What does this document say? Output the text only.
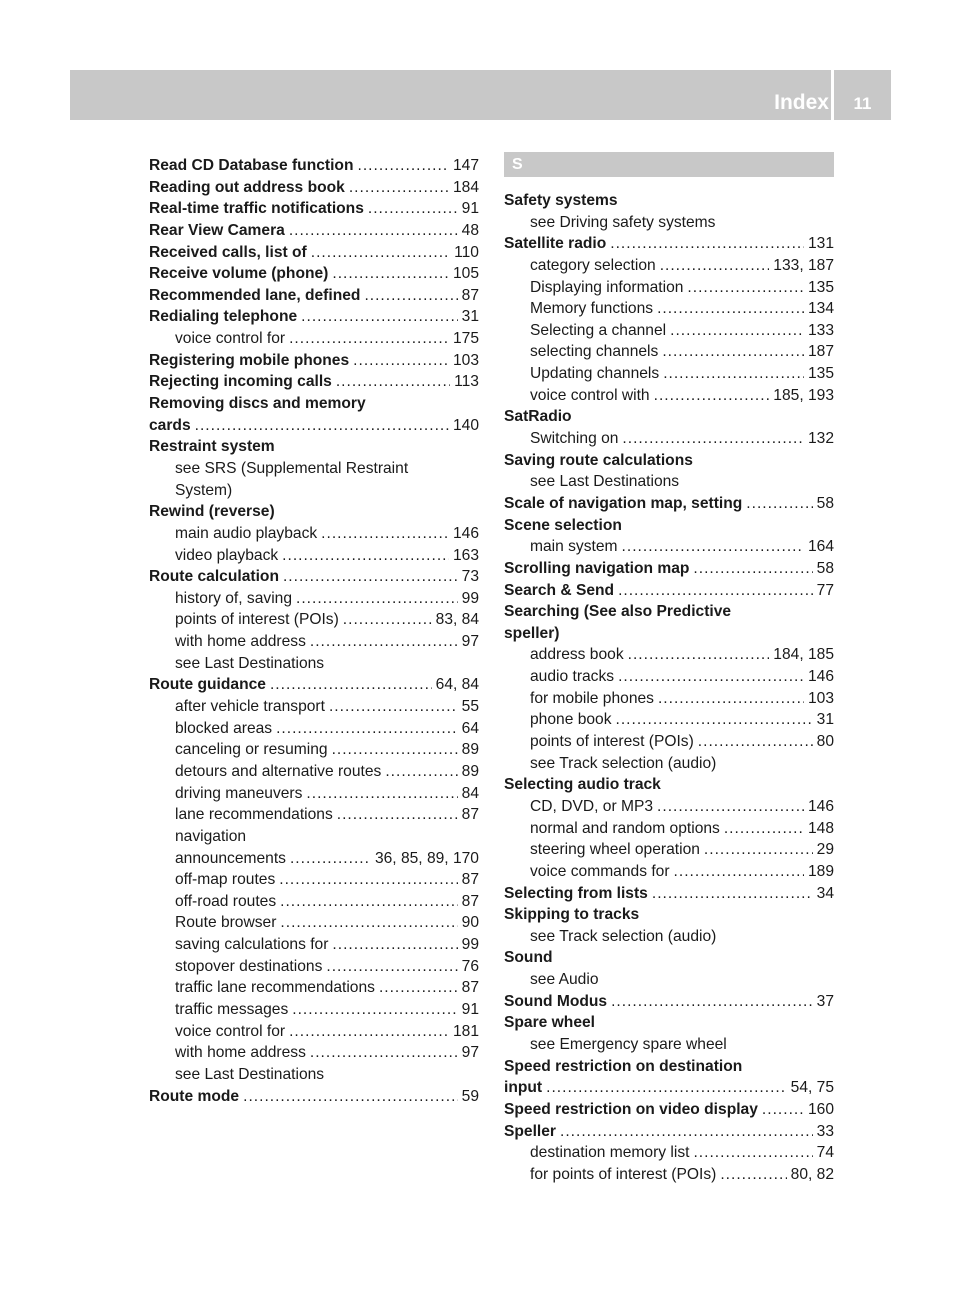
Index	11
Read CD Database function .....	147
Reading out address book .....	184
Real-time traffic notifications .....	91
Rear View Camera .....	48
Received calls, list of .....	110
Receive volume (phone) .....	105
Recommended lane, defined .....	87
Redialing telephone .....	31
voice control for .....	175
Registering mobile phones .....	103
Rejecting incoming calls .....	113
Removing discs and memory
cards .....	140
Restraint system
see SRS (Supplemental Restraint
System)
Rewind (reverse)
main audio playback .....	146
video playback .....	163
Route calculation .....	73
history of, saving .....	99
points of interest (POIs) .....	83, 84
with home address .....	97
see Last Destinations
Route guidance .....	64, 84
after vehicle transport .....	55
blocked areas .....	64
canceling or resuming .....	89
detours and alternative routes .....	89
driving maneuvers .....	84
lane recommendations .....	87
navigation
announcements .....	36, 85, 89, 170
off-map routes .....	87
off-road routes .....	87
Route browser .....	90
saving calculations for .....	99
stopover destinations .....	76
traffic lane recommendations .....	87
traffic messages .....	91
voice control for .....	181
with home address .....	97
see Last Destinations
Route mode .....	59
S
Safety systems
see Driving safety systems
Satellite radio .....	131
category selection .....	133, 187
Displaying information .....	135
Memory functions .....	134
Selecting a channel .....	133
selecting channels .....	187
Updating channels .....	135
voice control with .....	185, 193
SatRadio
Switching on .....	132
Saving route calculations
see Last Destinations
Scale of navigation map, setting .....	58
Scene selection
main system .....	164
Scrolling navigation map .....	58
Search & Send .....	77
Searching (See also Predictive
speller)
address book .....	184, 185
audio tracks .....	146
for mobile phones .....	103
phone book .....	31
points of interest (POIs) .....	80
see Track selection (audio)
Selecting audio track
CD, DVD, or MP3 .....	146
normal and random options .....	148
steering wheel operation .....	29
voice commands for .....	189
Selecting from lists .....	34
Skipping to tracks
see Track selection (audio)
Sound
see Audio
Sound Modus .....	37
Spare wheel
see Emergency spare wheel
Speed restriction on destination
input .....	54, 75
Speed restriction on video display .....	160
Speller .....	33
destination memory list .....	74
for points of interest (POIs) .....	80, 82
